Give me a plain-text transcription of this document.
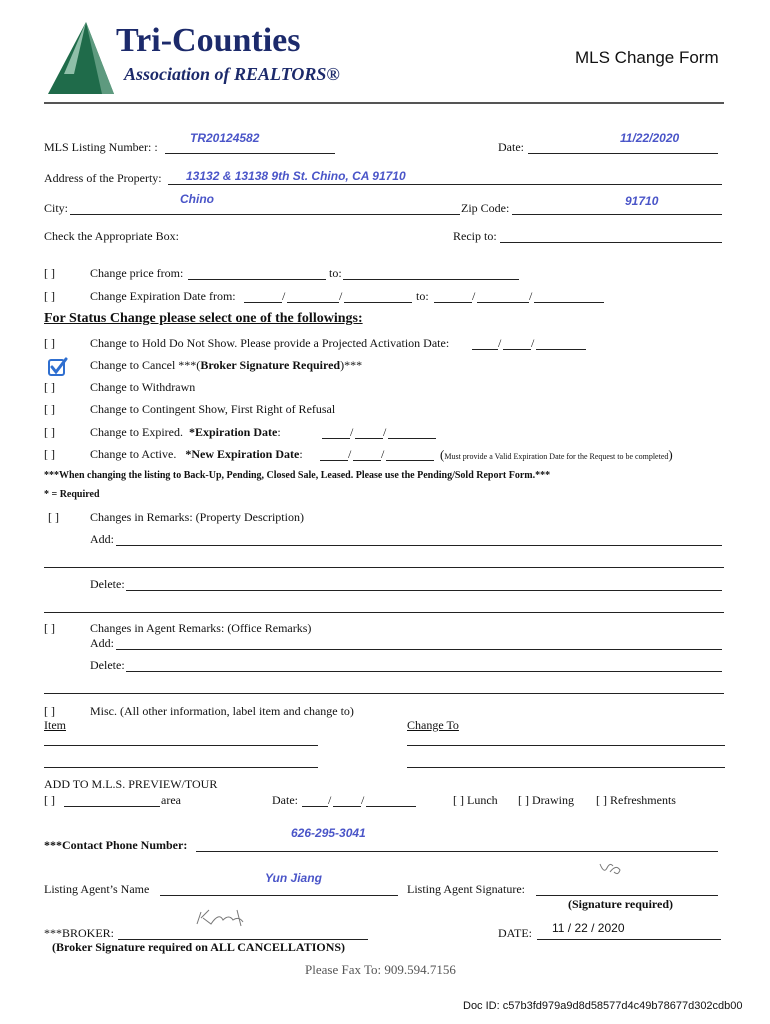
Tri-Counties
Association of REALTORS®
MLS Change Form
MLS Listing Number: :
TR20124582
Date:
11/22/2020
Address of the Property: 13132 & 13138 9th St. Chino, CA 91710
City:
Chino
Zip Code:	91710
Check the Appropriate Box:	Recip to:
[ ]	Change price from:	to:
[ ]	Change Expiration Date from:	/	/	to:	/	/
For Status Change please select one of the followings:
[ ]	Change to Hold Do Not Show. Please provide a Projected Activation Date:	/ /
Change to Cancel ***(Broker Signature Required)***
[ ]	Change to Withdrawn
[ ]	Change to Contingent Show, First Right of Refusal
[ ]	Change to Expired. *Expiration Date:	/ /
[ ]	Change to Active. *New Expiration Date:	/ /	(Must provide a Valid Expiration Date for the Request to be completed)
***When changing the listing to Back-Up, Pending, Closed Sale, Leased. Please use the Pending/Sold Report Form.***
* = Required
[ ]	Changes in Remarks: (Property Description)
Add:
Delete:
[ ]	Changes in Agent Remarks: (Office Remarks)
Add:
Delete:
[ ]	Misc. (All other information, label item and change to)
Item	Change To
ADD TO M.L.S. PREVIEW/TOUR
[ ]	area	Date:	/ /	[ ] Lunch [ ] Drawing [ ] Refreshments
626-295-3041
***Contact Phone Number:
Yun Jiang
Listing Agent’s Name	Listing Agent Signature:
(Signature required)
***BROKER:
(Broker Signature required on ALL CANCELLATIONS)
DATE: 11 / 22 / 2020
Please Fax To: 909.594.7156
Doc ID: c57b3fd979a9d8d58577d4c49b78677d302cdb00
